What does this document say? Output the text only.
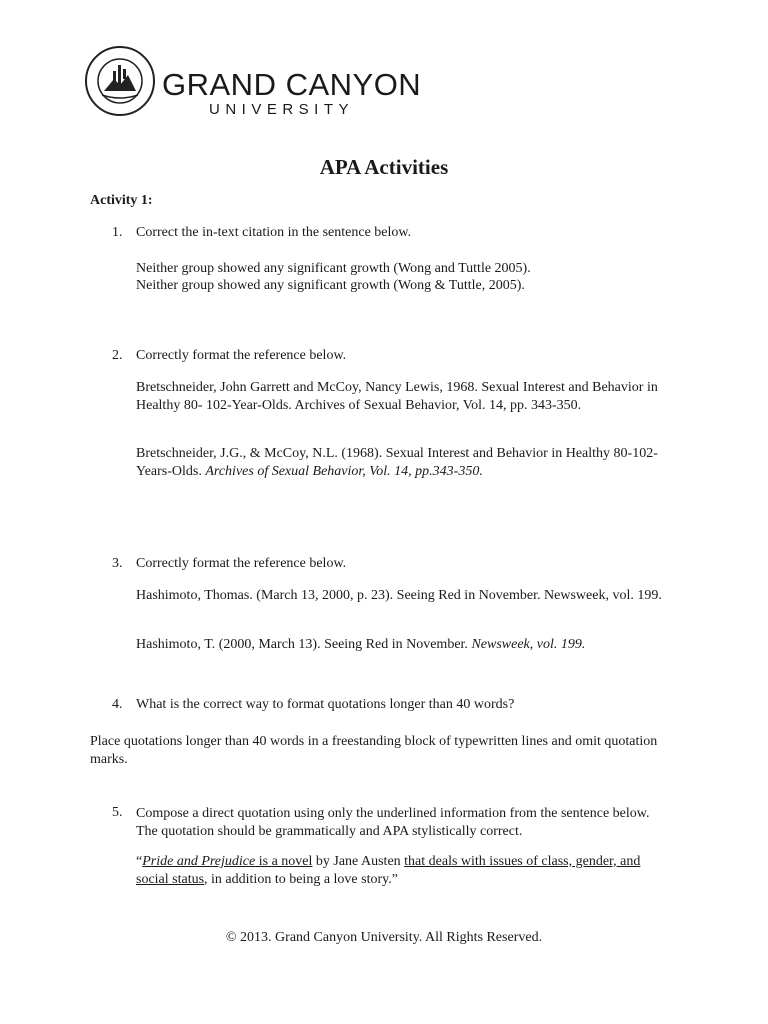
GRAND CANYON
UNIVERSITY
APA Activities
Activity 1:
1. Correct the in-text citation in the sentence below.
Neither group showed any significant growth (Wong and Tuttle 2005).
Neither group showed any significant growth (Wong & Tuttle, 2005).
2. Correctly format the reference below.
Bretschneider, John Garrett and McCoy, Nancy Lewis, 1968. Sexual Interest and Behavior in Healthy 80- 102-Year-Olds. Archives of Sexual Behavior, Vol. 14, pp. 343-350.
Bretschneider, J.G., & McCoy, N.L. (1968). Sexual Interest and Behavior in Healthy 80-102-Years-Olds. Archives of Sexual Behavior, Vol. 14, pp.343-350.
3. Correctly format the reference below.
Hashimoto, Thomas. (March 13, 2000, p. 23). Seeing Red in November. Newsweek, vol. 199.
Hashimoto, T. (2000, March 13). Seeing Red in November. Newsweek, vol. 199.
4. What is the correct way to format quotations longer than 40 words?
Place quotations longer than 40 words in a freestanding block of typewritten lines and omit quotation marks.
5. Compose a direct quotation using only the underlined information from the sentence below. The quotation should be grammatically and APA stylistically correct.
“Pride and Prejudice is a novel by Jane Austen that deals with issues of class, gender, and social status, in addition to being a love story.”
© 2013. Grand Canyon University. All Rights Reserved.
